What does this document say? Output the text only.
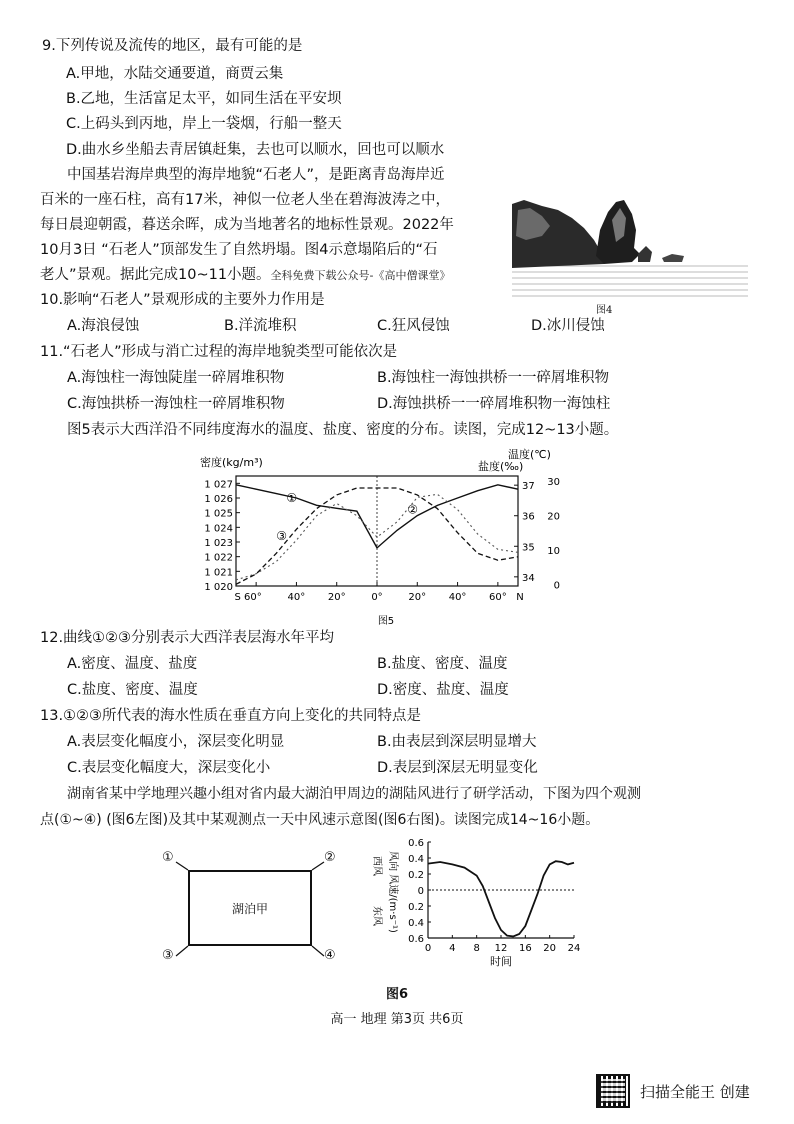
9.下列传说及流传的地区，最有可能的是
A.甲地，水陆交通要道，商贾云集
B.乙地，生活富足太平，如同生活在平安坝
C.上码头到丙地，岸上一袋烟，行船一整天
D.曲水乡坐船去青居镇赶集，去也可以顺水，回也可以顺水
中国基岩海岸典型的海岸地貌“石老人”，是距离青岛海岸近
百米的一座石柱，高有17米，神似一位老人坐在碧海波涛之中，
每日晨迎朝霞，暮送余晖，成为当地著名的地标性景观。2022年
10月3日 “石老人”顶部发生了自然坍塌。图4示意塌陷后的“石
老人”景观。据此完成10~11小题。全科免费下载公众号-《高中僧课堂》
图4
10.影响“石老人”景观形成的主要外力作用是
A.海浪侵蚀	B.洋流堆积	C.狂风侵蚀	D.冰川侵蚀
11.“石老人”形成与消亡过程的海岸地貌类型可能依次是
A.海蚀柱一海蚀陡崖一碎屑堆积物	B.海蚀柱一海蚀拱桥一一碎屑堆积物
C.海蚀拱桥一海蚀柱一碎屑堆积物	D.海蚀拱桥一一碎屑堆积物一海蚀柱
图5表示大西洋沿不同纬度海水的温度、盐度、密度的分布。读图，完成12~13小题。
密度(kg/m³)	盐度(‰)
温度(℃)
1 027
1 026
1 025
1 024
1 023
1 022
1 021
1 020
37
36
35
34
30
20
10
0
S 60°	40° 20°	0°	20° 40° 60° N
①
②
③
图5
12.曲线①②③分别表示大西洋表层海水年平均
A.密度、温度、盐度	B.盐度、密度、温度
C.盐度、密度、温度	D.密度、盐度、温度
13.①②③所代表的海水性质在垂直方向上变化的共同特点是
A.表层变化幅度小，深层变化明显	B.由表层到深层明显增大
C.表层变化幅度大，深层变化小	D.表层到深层无明显变化
湖南省某中学地理兴趣小组对省内最大湖泊甲周边的湖陆风进行了研学活动，下图为四个观测
点(①~④) (图6左图)及其中某观测点一天中风速示意图(图6右图)。读图完成14~16小题。
湖泊甲
①	②
③	④
0.6
0.4
0.2
0
0.2
0.4
0.6
0 4 8 12 16 20 24
时间
西风
东风 风向 风速/(m·s⁻¹)
图6
高一 地理 第3页 共6页
扫描全能王 创建
